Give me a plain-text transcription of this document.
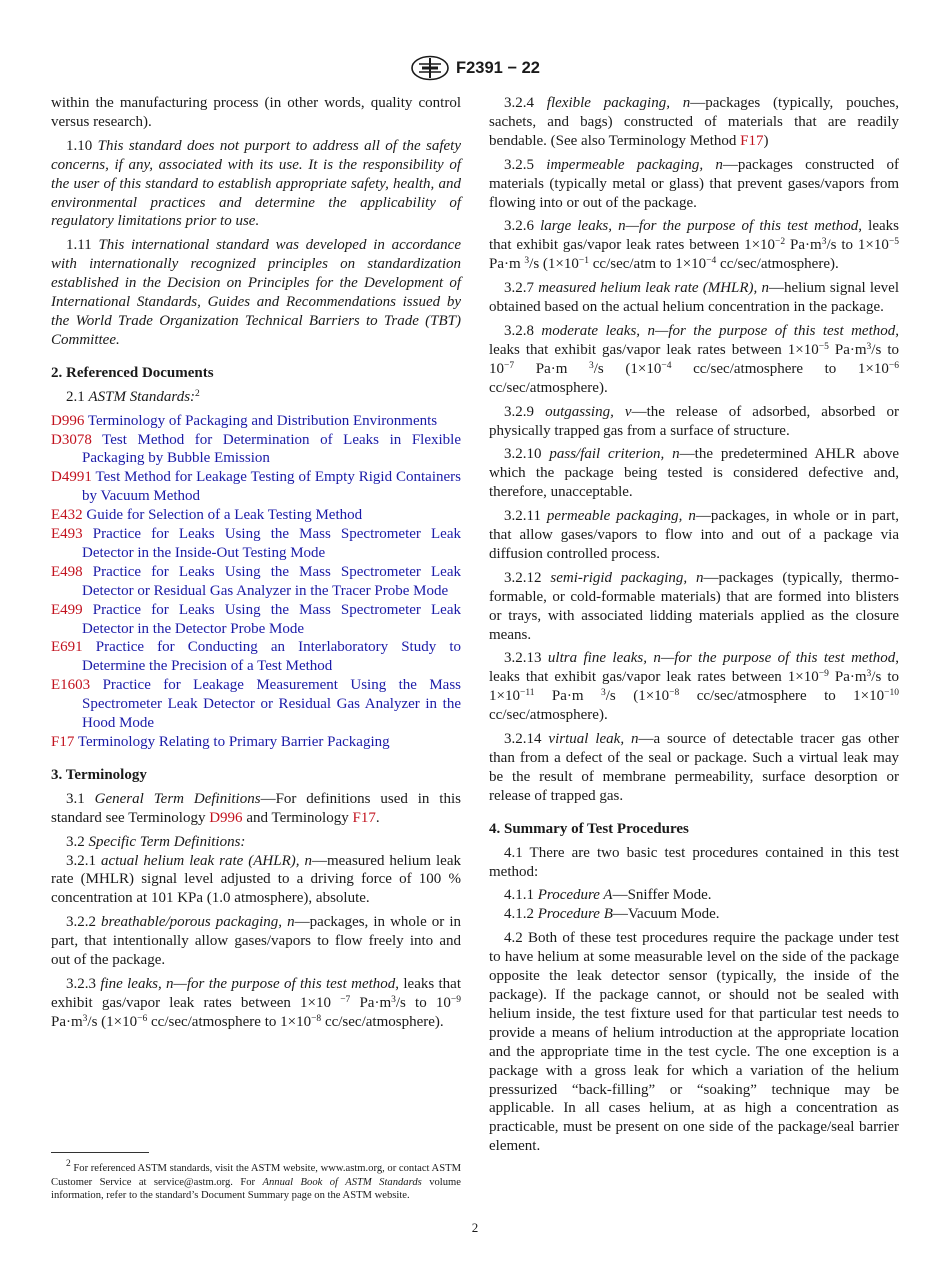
F2391 − 22

within the manufacturing process (in other words, quality control versus research).

1.10 This standard does not purport to address all of the safety concerns, if any, associated with its use. It is the responsibility of the user of this standard to establish appropriate safety, health, and environmental practices and determine the applicability of regulatory limitations prior to use.

1.11 This international standard was developed in accordance with internationally recognized principles on standardization established in the Decision on Principles for the Development of International Standards, Guides and Recommendations issued by the World Trade Organization Technical Barriers to Trade (TBT) Committee.

2. Referenced Documents

2.1 ASTM Standards:$^2$

D996 Terminology of Packaging and Distribution Environments

D3078 Test Method for Determination of Leaks in Flexible Packaging by Bubble Emission

D4991 Test Method for Leakage Testing of Empty Rigid Containers by Vacuum Method

E432 Guide for Selection of a Leak Testing Method

E493 Practice for Leaks Using the Mass Spectrometer Leak Detector in the Inside-Out Testing Mode

E498 Practice for Leaks Using the Mass Spectrometer Leak Detector or Residual Gas Analyzer in the Tracer Probe Mode

E499 Practice for Leaks Using the Mass Spectrometer Leak Detector in the Detector Probe Mode

E691 Practice for Conducting an Interlaboratory Study to Determine the Precision of a Test Method

E1603 Practice for Leakage Measurement Using the Mass Spectrometer Leak Detector or Residual Gas Analyzer in the Hood Mode

F17 Terminology Relating to Primary Barrier Packaging

3. Terminology

3.1 General Term Definitions—For definitions used in this standard see Terminology D996 and Terminology F17.

3.2 Specific Term Definitions:

3.2.1 actual helium leak rate (AHLR), n—measured helium leak rate (MHLR) signal level adjusted to a driving force of 100 % concentration at 101 KPa (1.0 atmosphere), absolute.

3.2.2 breathable/porous packaging, n—packages, in whole or in part, that intentionally allow gases/vapors to flow freely into and out of the package.

3.2.3 fine leaks, n—for the purpose of this test method, leaks that exhibit gas/vapor leak rates between 1×10 $^{-7}$ $Pa\cdot m^3/s$ to $10^{-9}$ $Pa\cdot m^3/s$ ($1\times 10^{-6}$ cc/sec/atmosphere to $1\times 10^{-8}$ cc/sec/atmosphere).

3.2.4 flexible packaging, n—packages (typically, pouches, sachets, and bags) constructed of materials that are readily bendable. (See also Terminology Method F17)

3.2.5 impermeable packaging, n—packages constructed of materials (typically metal or glass) that prevent gases/vapors from flowing into or out of the package.

3.2.6 large leaks, n—for the purpose of this test method, leaks that exhibit gas/vapor leak rates between $1\times 10^{-2}$ $Pa\cdot m^3/s$ to $1\times 10^{-5}$ Pa·m $^3$/s ($1\times 10^{-1}$ cc/sec/atm to $1\times 10^{-4}$ cc/sec/atmosphere).

3.2.7 measured helium leak rate (MHLR), n—helium signal level obtained based on the actual helium concentration in the package.

3.2.8 moderate leaks, n—for the purpose of this test method, leaks that exhibit gas/vapor leak rates between $1\times 10^{-5}$ $Pa\cdot m^3/s$ to $10^{-7}$ Pa·m $^3$/s ($1\times 10^{-4}$ cc/sec/atmosphere to $1\times 10^{-6}$ cc/sec/atmosphere).

3.2.9 outgassing, v—the release of adsorbed, absorbed or physically trapped gas from a surface of structure.

3.2.10 pass/fail criterion, n—the predetermined AHLR above which the package being tested is considered defective and, therefore, unacceptable.

3.2.11 permeable packaging, n—packages, in whole or in part, that allow gases/vapors to flow into and out of a package via diffusion controlled process.

3.2.12 semi-rigid packaging, n—packages (typically, thermo-formable, or cold-formable materials) that are formed into blisters or trays, with associated lidding materials applied as the closure means.

3.2.13 ultra fine leaks, n—for the purpose of this test method, leaks that exhibit gas/vapor leak rates between $1\times 10^{-9}$ $Pa\cdot m^3/s$ to $1\times 10^{-11}$ Pa·m $^3$/s ($1\times 10^{-8}$ cc/sec/atmosphere to $1\times 10^{-10}$ cc/sec/atmosphere).

3.2.14 virtual leak, n—a source of detectable tracer gas other than from a defect of the seal or package. Such a virtual leak may be the result of membrane permeability, surface desorption or release of trapped gas.

4. Summary of Test Procedures

4.1 There are two basic test procedures contained in this test method:

4.1.1 Procedure A—Sniffer Mode.

4.1.2 Procedure B—Vacuum Mode.

4.2 Both of these test procedures require the package under test to have helium at some measurable level on the side of the package opposite the leak detector sensor (typically, the inside of the package). If the package cannot, or should not be sealed with helium inside, the test fixture used for that particular test needs to provide a means of helium introduction at the appropriate location and the appropriate time in the test cycle. The one exception is a package with a gross leak for which a variation of the helium pressurized “back-filling” or “soaking” technique may be applicable. In all cases helium, at as high a concentration as practicable, must be present on one side of the package/seal barrier element.

$^2$ For referenced ASTM standards, visit the ASTM website, www.astm.org, or contact ASTM Customer Service at service@astm.org. For Annual Book of ASTM Standards volume information, refer to the standard’s Document Summary page on the ASTM website.

2
